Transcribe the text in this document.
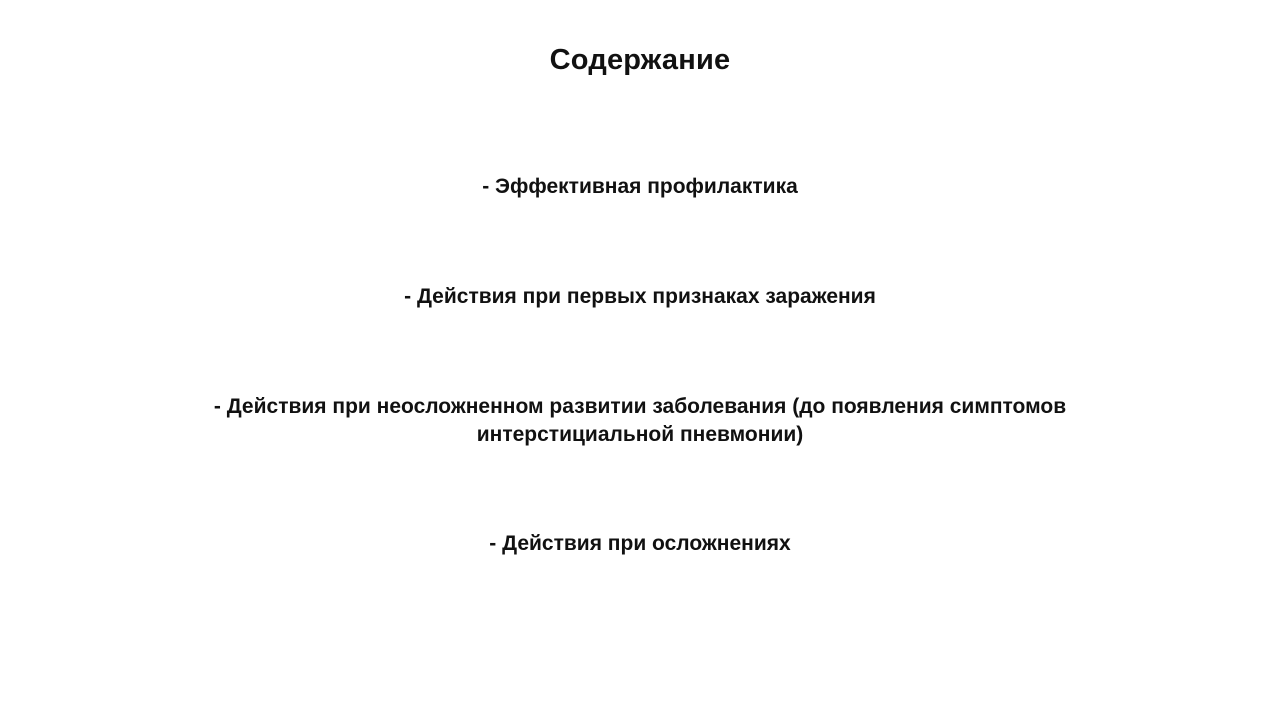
Содержание

- Эффективная профилактика

- Действия при первых признаках заражения

- Действия при неосложненном развитии заболевания (до появления симптомов интерстициальной пневмонии)

- Действия при осложнениях
